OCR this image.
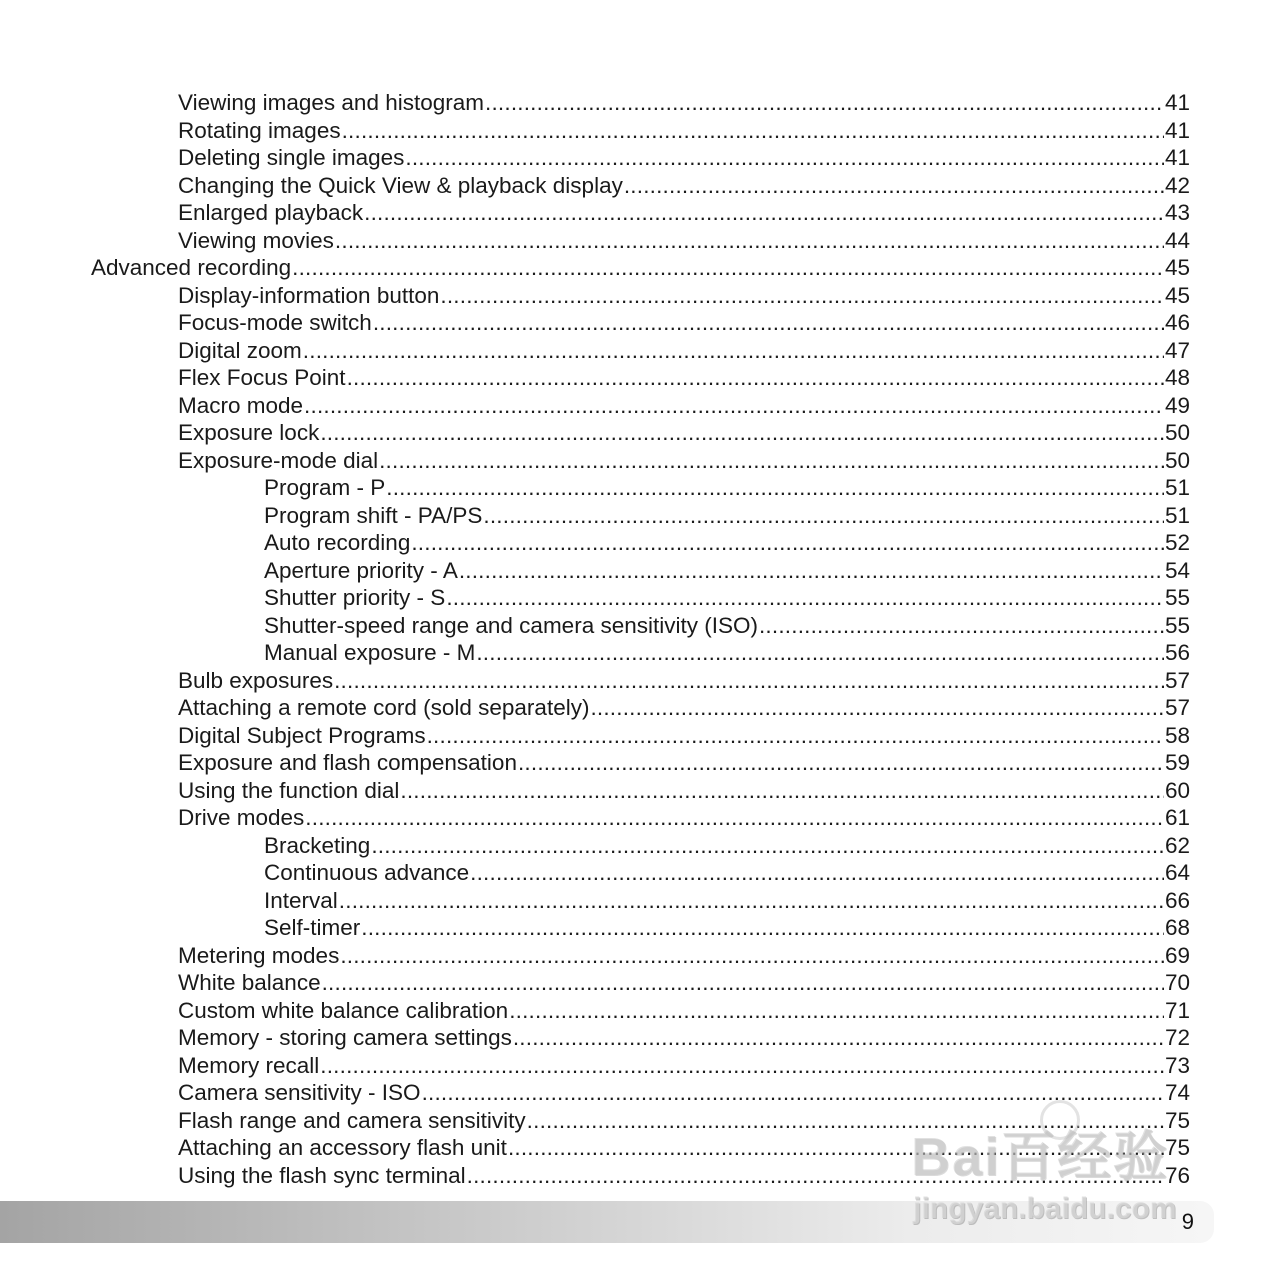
Viewing images and histogram .....	41
Rotating images .....	41
Deleting single images .....	41
Changing the Quick View & playback display .....	42
Enlarged playback .....	43
Viewing movies .....	44
Advanced recording .....	45
Display-information button .....	45
Focus-mode switch .....	46
Digital zoom .....	47
Flex Focus Point .....	48
Macro mode .....	49
Exposure lock .....	50
Exposure-mode dial .....	50
Program - P .....	51
Program shift - PA/PS .....	51
Auto recording .....	52
Aperture priority - A .....	54
Shutter priority - S .....	55
Shutter-speed range and camera sensitivity (ISO) .....	55
Manual exposure - M .....	56
Bulb exposures .....	57
Attaching a remote cord (sold separately) .....	57
Digital Subject Programs .....	58
Exposure and flash compensation .....	59
Using the function dial .....	60
Drive modes .....	61
Bracketing .....	62
Continuous advance .....	64
Interval .....	66
Self-timer .....	68
Metering modes .....	69
White balance .....	70
Custom white balance calibration .....	71
Memory - storing camera settings .....	72
Memory recall .....	73
Camera sensitivity - ISO .....	74
Flash range and camera sensitivity .....	75
Attaching an accessory flash unit .....	75
Using the flash sync terminal .....	76
9
Bai百经验
jingyan.baidu.com
